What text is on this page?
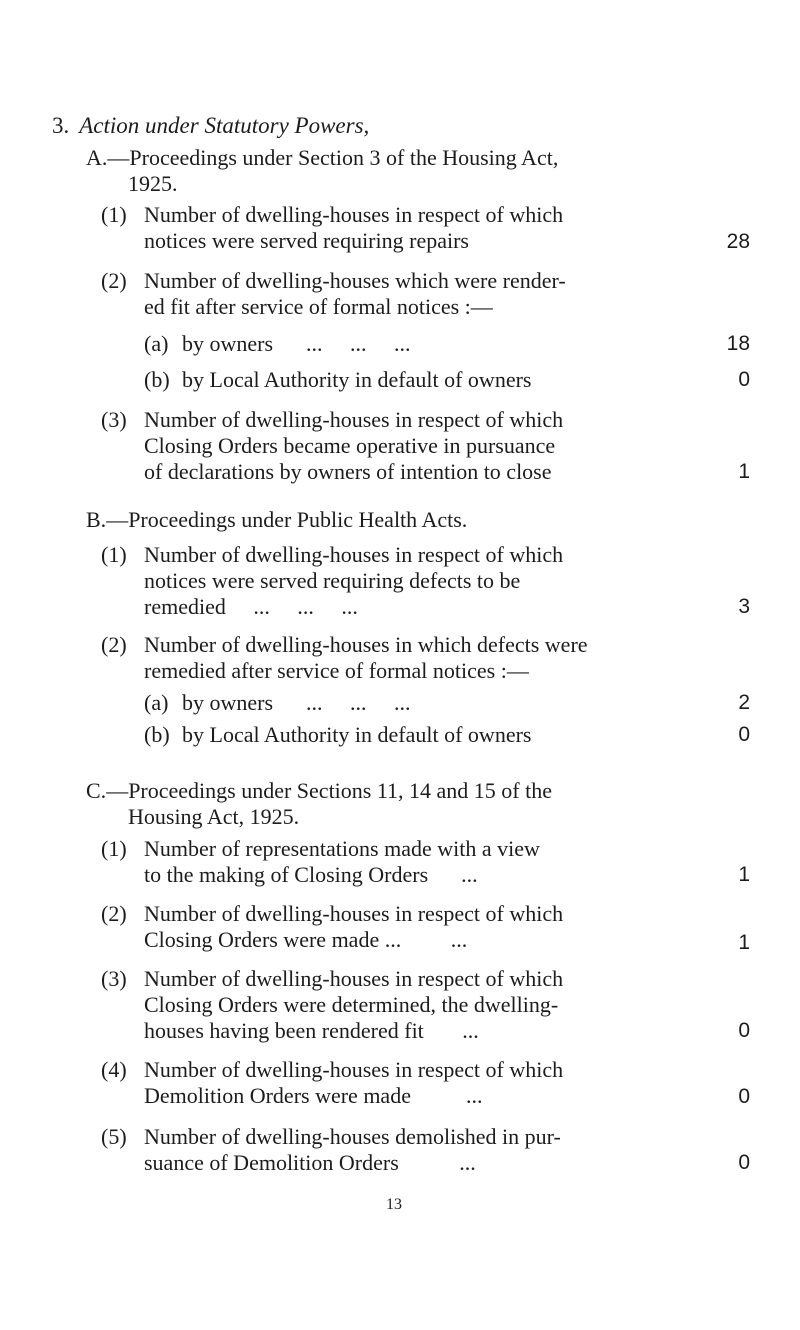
3. Action under Statutory Powers,
A.—Proceedings under Section 3 of the Housing Act,
1925.
(1) Number of dwelling-houses in respect of which
notices were served requiring repairs	28
(2) Number of dwelling-houses which were render-
ed fit after service of formal notices :—
(a) by owners      ...     ...     ...	18
(b) by Local Authority in default of owners	0
(3) Number of dwelling-houses in respect of which
Closing Orders became operative in pursuance
of declarations by owners of intention to close	1
B.—Proceedings under Public Health Acts.
(1) Number of dwelling-houses in respect of which
notices were served requiring defects to be
remedied     ...     ...     ...	3
(2) Number of dwelling-houses in which defects were
remedied after service of formal notices :—
(a) by owners      ...     ...     ...	2
(b) by Local Authority in default of owners	0
C.—Proceedings under Sections 11, 14 and 15 of the
Housing Act, 1925.
(1) Number of representations made with a view
to the making of Closing Orders      ...	1
(2) Number of dwelling-houses in respect of which
Closing Orders were made ...         ...	1
(3) Number of dwelling-houses in respect of which
Closing Orders were determined, the dwelling-
houses having been rendered fit       ...	0
(4) Number of dwelling-houses in respect of which
Demolition Orders were made          ...	0
(5) Number of dwelling-houses demolished in pur-
suance of Demolition Orders           ...	0
13
